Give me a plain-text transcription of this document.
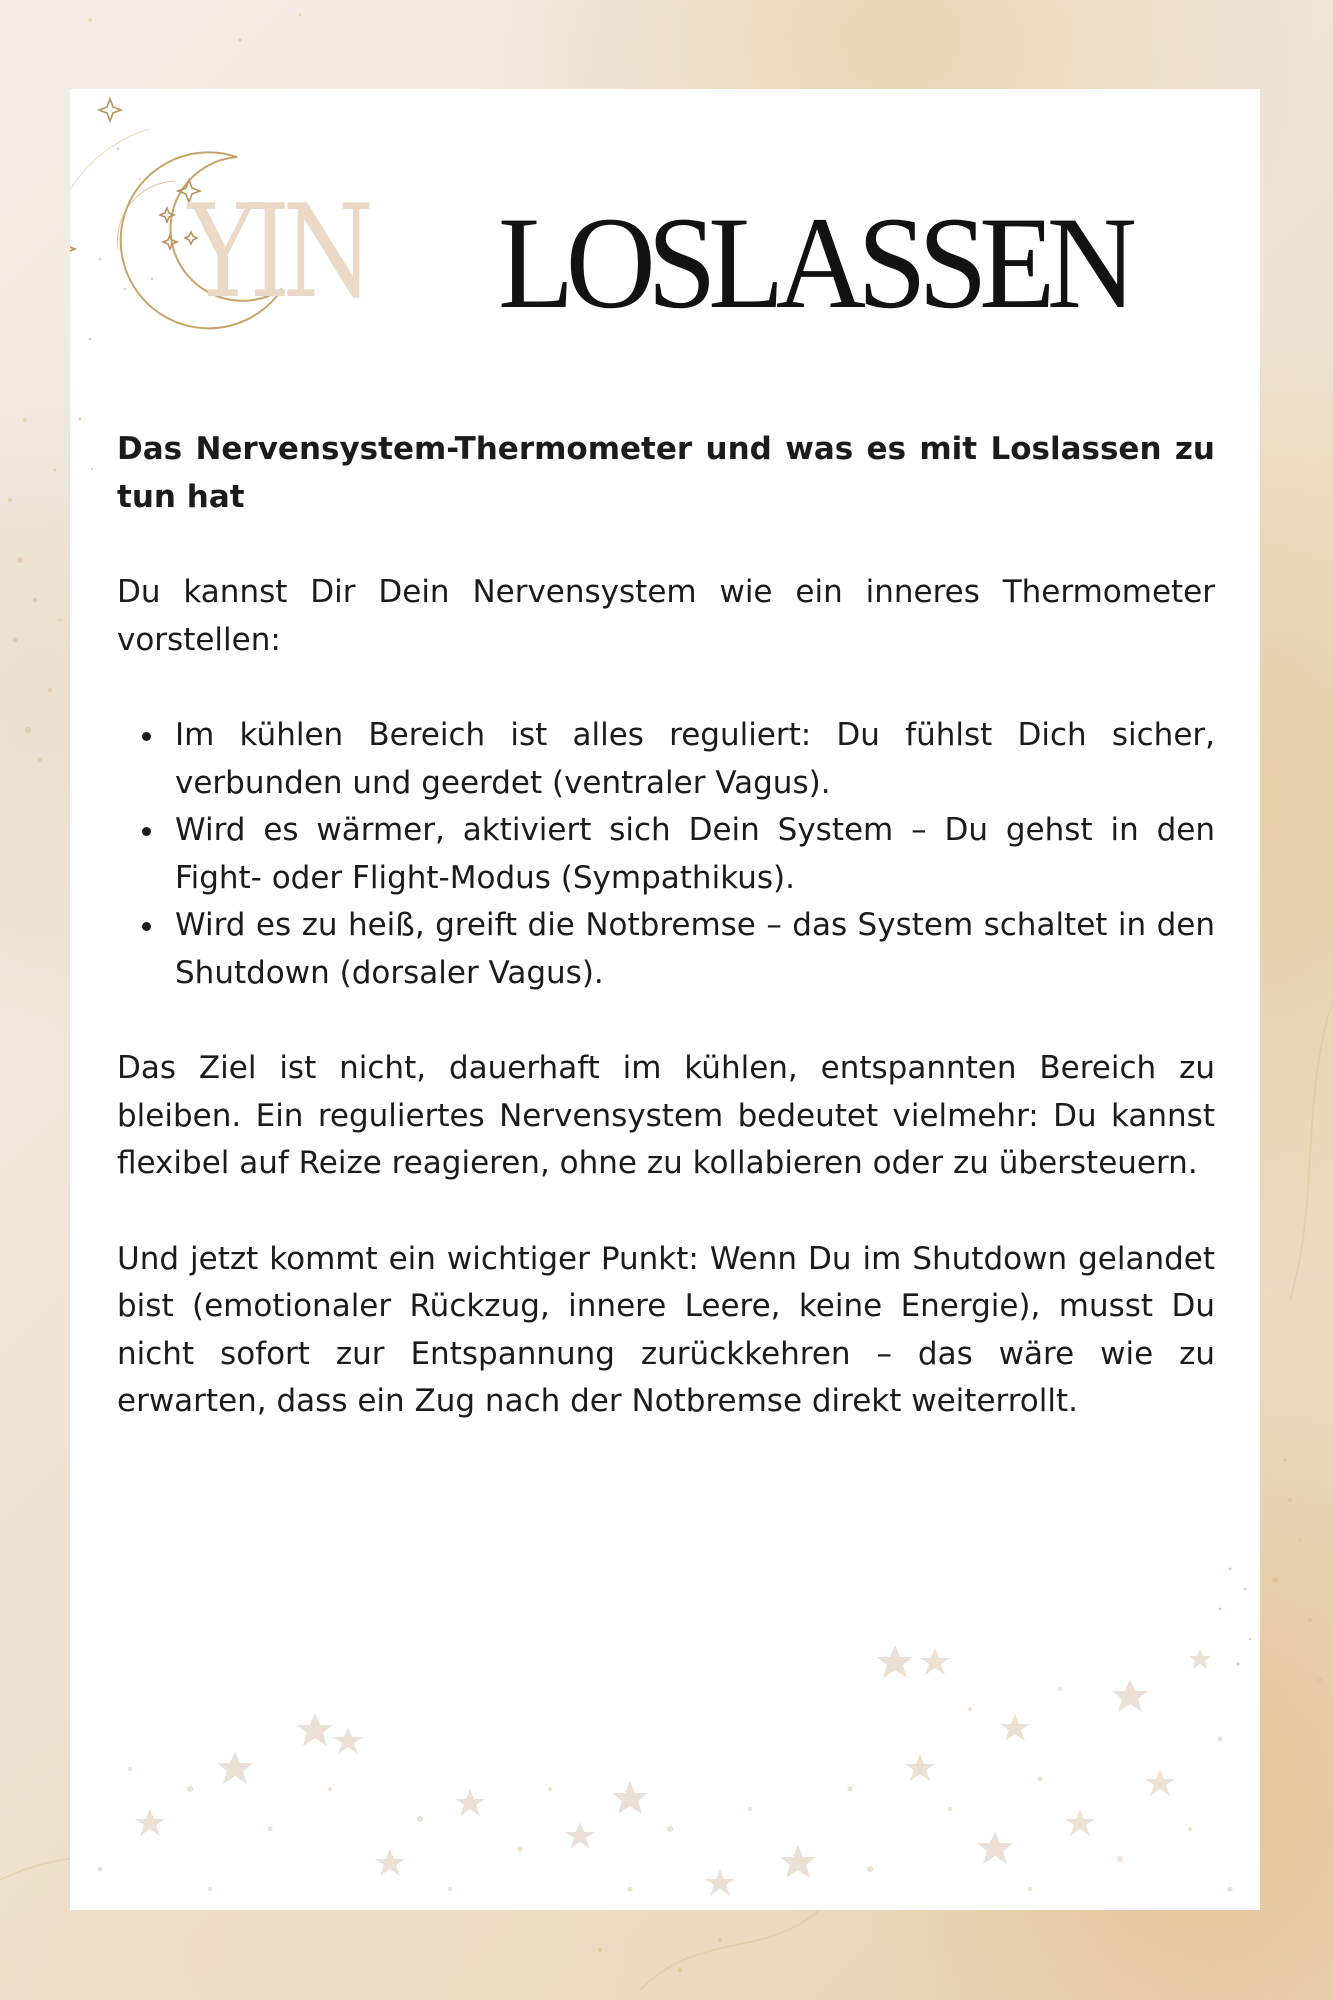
YIN LOSLASSEN

Das Nervensystem-Thermometer und was es mit Loslassen zu tun hat

Du kannst Dir Dein Nervensystem wie ein inneres Thermometer vorstellen:

Im kühlen Bereich ist alles reguliert: Du fühlst Dich sicher, verbunden und geerdet (ventraler Vagus).
Wird es wärmer, aktiviert sich Dein System – Du gehst in den Fight- oder Flight-Modus (Sympathikus).
Wird es zu heiß, greift die Notbremse – das System schaltet in den Shutdown (dorsaler Vagus).

Das Ziel ist nicht, dauerhaft im kühlen, entspannten Bereich zu bleiben. Ein reguliertes Nervensystem bedeutet vielmehr: Du kannst flexibel auf Reize reagieren, ohne zu kollabieren oder zu übersteuern.

Und jetzt kommt ein wichtiger Punkt: Wenn Du im Shutdown gelandet bist (emotionaler Rückzug, innere Leere, keine Energie), musst Du nicht sofort zur Entspannung zurückkehren – das wäre wie zu erwarten, dass ein Zug nach der Notbremse direkt weiterrollt.
